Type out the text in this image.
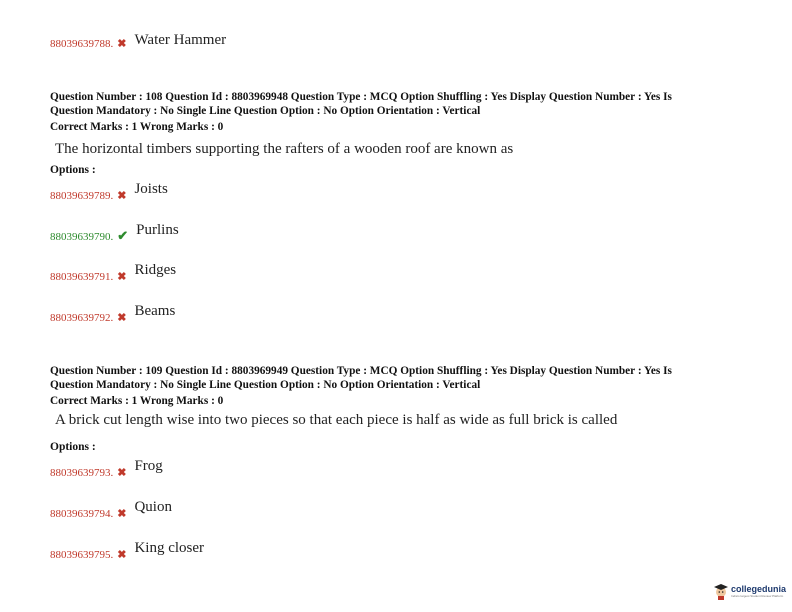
88039639788. ✖ Water Hammer
Question Number : 108 Question Id : 8803969948 Question Type : MCQ Option Shuffling : Yes Display Question Number : Yes Is
Question Mandatory : No Single Line Question Option : No Option Orientation : Vertical
Correct Marks : 1 Wrong Marks : 0
The horizontal timbers supporting the rafters of a wooden roof are known as
Options :
88039639789. ✖ Joists
88039639790. ✔ Purlins
88039639791. ✖ Ridges
88039639792. ✖ Beams
Question Number : 109 Question Id : 8803969949 Question Type : MCQ Option Shuffling : Yes Display Question Number : Yes Is
Question Mandatory : No Single Line Question Option : No Option Orientation : Vertical
Correct Marks : 1 Wrong Marks : 0
A brick cut length wise into two pieces so that each piece is half as wide as full brick is called
Options :
88039639793. ✖ Frog
88039639794. ✖ Quion
88039639795. ✖ King closer
collegedunia
India's largest Student Review Platform
